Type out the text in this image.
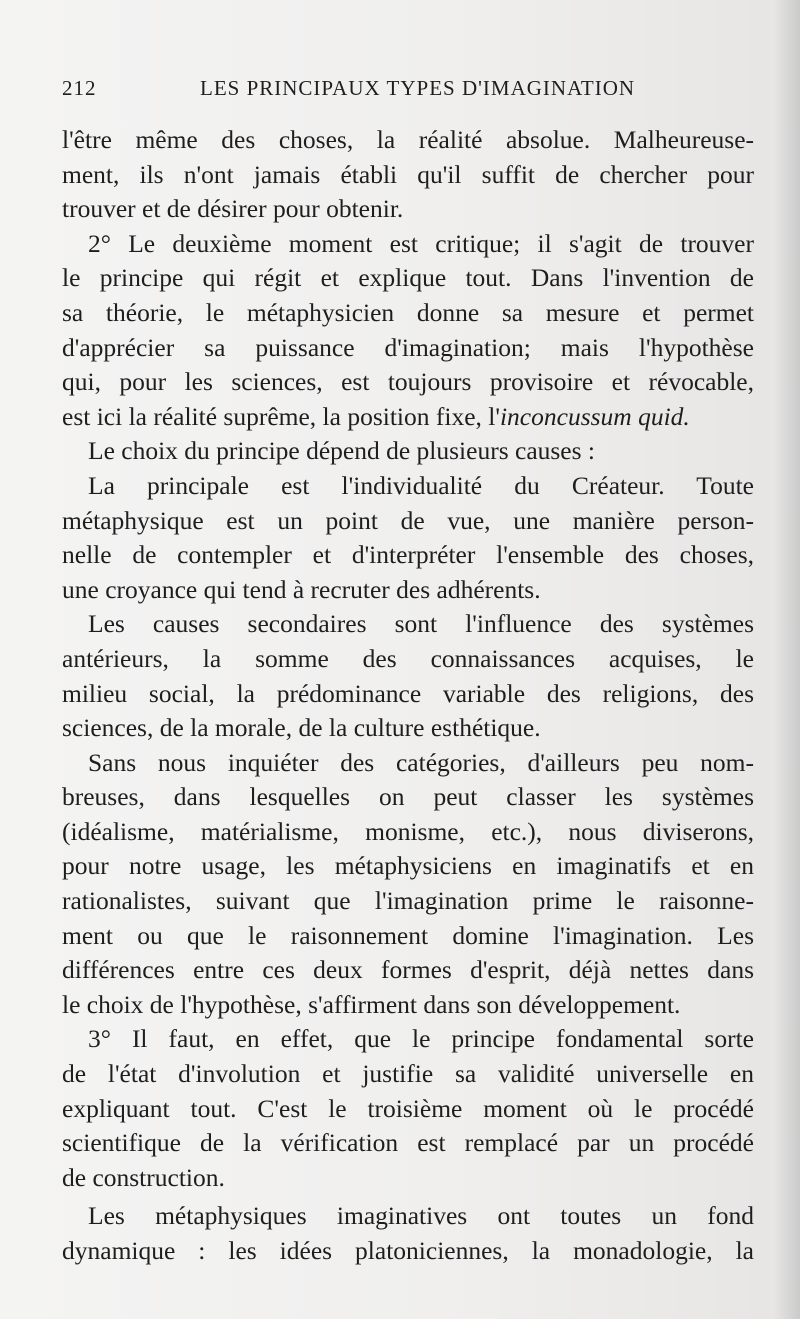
212	LES PRINCIPAUX TYPES D'IMAGINATION
l'être même des choses, la réalité absolue. Malheureuse-
ment, ils n'ont jamais établi qu'il suffit de chercher pour
trouver et de désirer pour obtenir.
2° Le deuxième moment est critique; il s'agit de trouver
le principe qui régit et explique tout. Dans l'invention de
sa théorie, le métaphysicien donne sa mesure et permet
d'apprécier sa puissance d'imagination; mais l'hypothèse
qui, pour les sciences, est toujours provisoire et révocable,
est ici la réalité suprême, la position fixe, l'inconcussum quid.
Le choix du principe dépend de plusieurs causes :
La principale est l'individualité du Créateur. Toute
métaphysique est un point de vue, une manière person-
nelle de contempler et d'interpréter l'ensemble des choses,
une croyance qui tend à recruter des adhérents.
Les causes secondaires sont l'influence des systèmes
antérieurs, la somme des connaissances acquises, le
milieu social, la prédominance variable des religions, des
sciences, de la morale, de la culture esthétique.
Sans nous inquiéter des catégories, d'ailleurs peu nom-
breuses, dans lesquelles on peut classer les systèmes
(idéalisme, matérialisme, monisme, etc.), nous diviserons,
pour notre usage, les métaphysiciens en imaginatifs et en
rationalistes, suivant que l'imagination prime le raisonne-
ment ou que le raisonnement domine l'imagination. Les
différences entre ces deux formes d'esprit, déjà nettes dans
le choix de l'hypothèse, s'affirment dans son développement.
3° Il faut, en effet, que le principe fondamental sorte
de l'état d'involution et justifie sa validité universelle en
expliquant tout. C'est le troisième moment où le procédé
scientifique de la vérification est remplacé par un procédé
de construction.
Les métaphysiques imaginatives ont toutes un fond
dynamique : les idées platoniciennes, la monadologie, la
